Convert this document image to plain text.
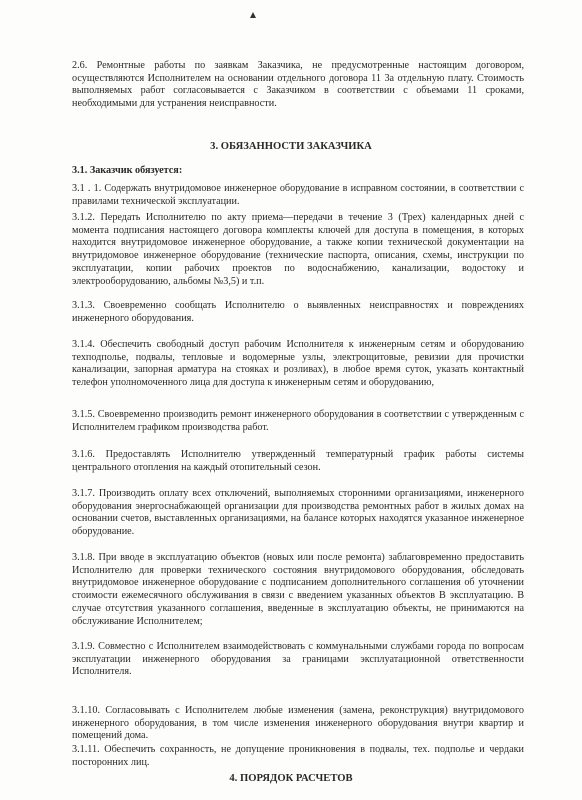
2.6. Ремонтные работы по заявкам Заказчика, не предусмотренные настоящим договором, осуществляются Исполнителем на основании отдельного договора 11 3а отдельную плату. Стоимость выполняемых работ согласовывается с Заказчиком в соответствии с объемами 11 сроками, необходимыми для устранения неисправности.

3. ОБЯЗАННОСТИ ЗАКАЗЧИКА
3.1. Заказчик обязуется:

3.1 . 1. Содержать внутридомовое инженерное оборудование в исправном состоянии, в соответствии с правилами технической эксплуатации.

3.1.2. Передать Исполнителю по акту приема—передачи в течение 3 (Трех) календарных дней с момента подписания настоящего договора комплекты ключей для доступа в помещения, в которых находится внутридомовое инженерное оборудование, а также копии технической документации на внутридомовое инженерное оборудование (технические паспорта, описания, схемы, инструкции по эксплуатации, копии рабочих проектов по водоснабжению, канализации, водостоку и электрооборудованию, альбомы №3,5) и т.п.

3.1.3. Своевременно сообщать Исполнителю о выявленных неисправностях и повреждениях инженерного оборудования.

3.1.4. Обеспечить свободный доступ рабочим Исполнителя к инженерным сетям и оборудованию техподполье, подвалы, тепловые и водомерные узлы, электрощитовые, ревизии для прочистки канализации, запорная арматура на стояках и розливах), в любое время суток, указать контактный телефон уполномоченного лица для доступа к инженерным сетям и оборудованию,

3.1.5. Своевременно производить ремонт инженерного оборудования в соответствии с утвержденным с Исполнителем графиком производства работ.

3.1.6. Предоставлять Исполнителю утвержденный температурный график работы системы центрального отопления на каждый отопительный сезон.

3.1.7. Производить оплату всех отключений, выполняемых сторонними организациями, инженерного оборудования энергоснабжающей организации для производства ремонтных работ в жилых домах на основании счетов, выставленных организациями, на балансе которых находятся указанное инженерное оборудование.

3.1.8. При вводе в эксплуатацию объектов (новых или после ремонта) заблаговременно предоставить Исполнителю для проверки технического состояния внутридомового оборудования, обследовать внутридомовое инженерное оборудование с подписанием дополнительного соглашения об уточнении стоимости ежемесячного обслуживания в связи с введением указанных объектов В эксплуатацию. В случае отсутствия указанного соглашения, введенные в эксплуатацию объекты, не принимаются на обслуживание Исполнителем;

3.1.9. Совместно с Исполнителем взаимодействовать с коммунальными службами города по вопросам эксплуатации инженерного оборудования за границами эксплуатационной ответственности Исполнителя.

3.1.10. Согласовывать с Исполнителем любые изменения (замена, реконструкция) внутридомового инженерного оборудования, в том числе изменения инженерного оборудования внутри квартир и помещений дома.

3.1.11. Обеспечить сохранность, не допущение проникновения в подвалы, тех. подполье и чердаки посторонних лиц.

4. ПОРЯДОК РАСЧЕТОВ
